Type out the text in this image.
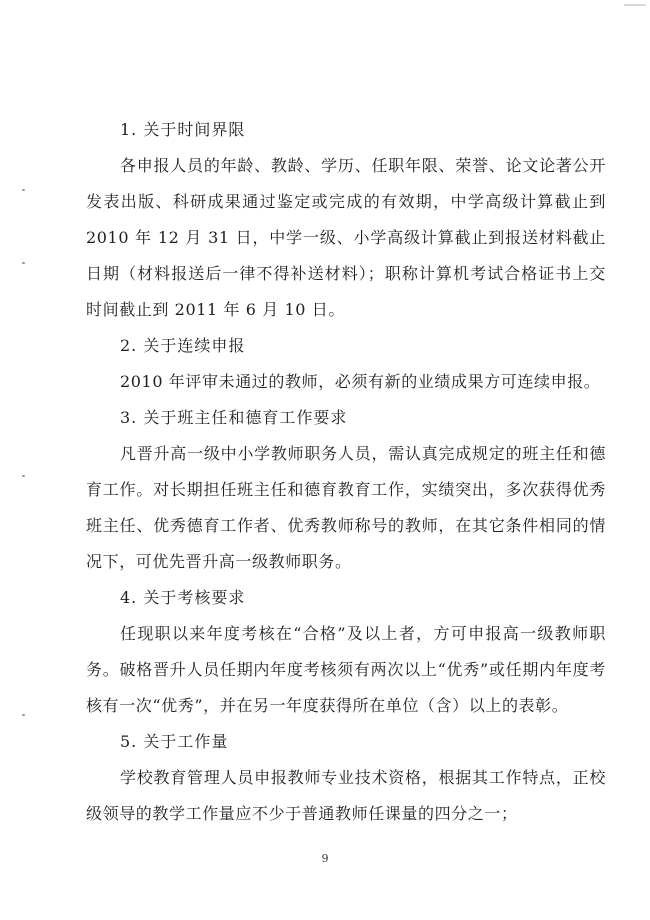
1. 关于时间界限

各申报人员的年龄、教龄、学历、任职年限、荣誉、论文论著公开发表出版、科研成果通过鉴定或完成的有效期，中学高级计算截止到 2010 年 12 月 31 日，中学一级、小学高级计算截止到报送材料截止日期（材料报送后一律不得补送材料）；职称计算机考试合格证书上交时间截止到 2011 年 6 月 10 日。

2. 关于连续申报

2010 年评审未通过的教师，必须有新的业绩成果方可连续申报。

3. 关于班主任和德育工作要求

凡晋升高一级中小学教师职务人员，需认真完成规定的班主任和德育工作。对长期担任班主任和德育教育工作，实绩突出，多次获得优秀班主任、优秀德育工作者、优秀教师称号的教师，在其它条件相同的情况下，可优先晋升高一级教师职务。

4. 关于考核要求

任现职以来年度考核在“合格”及以上者，方可申报高一级教师职务。破格晋升人员任期内年度考核须有两次以上“优秀”或任期内年度考核有一次“优秀”，并在另一年度获得所在单位（含）以上的表彰。

5. 关于工作量

学校教育管理人员申报教师专业技术资格，根据其工作特点，正校级领导的教学工作量应不少于普通教师任课量的四分之一；

9
